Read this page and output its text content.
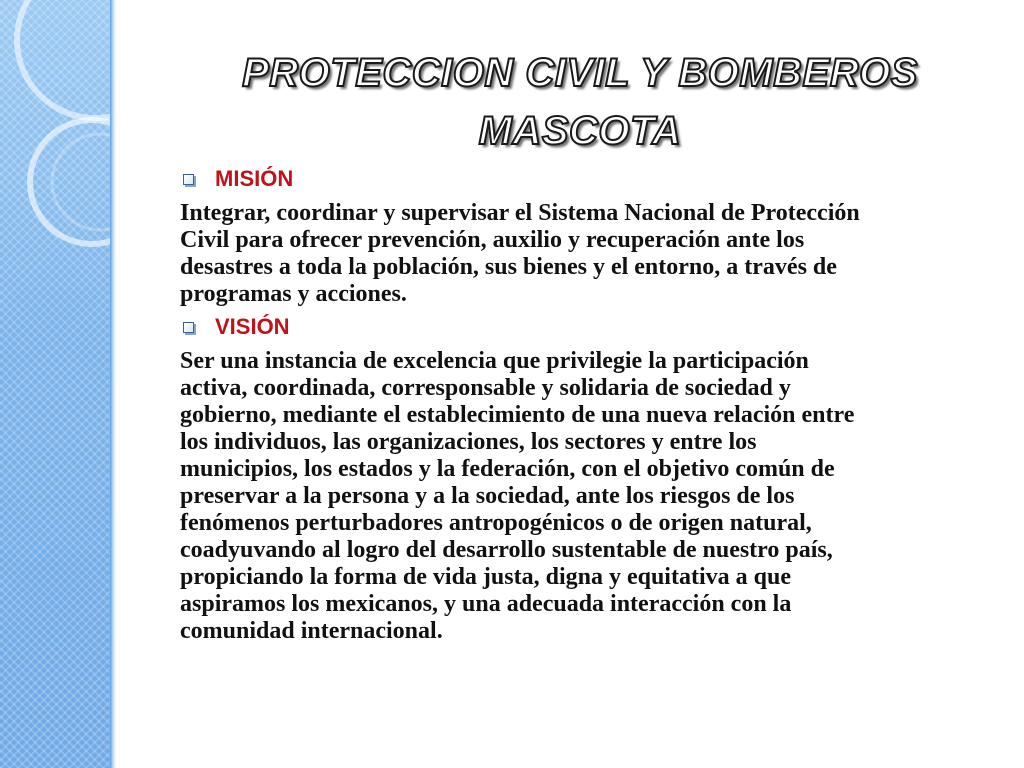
PROTECCION CIVIL Y BOMBEROS
MASCOTA
MISIÓN
Integrar, coordinar y supervisar el Sistema Nacional de Protección
Civil para ofrecer prevención, auxilio y recuperación ante los
desastres a toda la población, sus bienes y el entorno, a través de
programas y acciones.
VISIÓN
Ser una instancia de excelencia que privilegie la participación
activa, coordinada, corresponsable y solidaria de sociedad y
gobierno, mediante el establecimiento de una nueva relación entre
los individuos, las organizaciones, los sectores y entre los
municipios, los estados y la federación, con el objetivo común de
preservar a la persona y a la sociedad, ante los riesgos de los
fenómenos perturbadores antropogénicos o de origen natural,
coadyuvando al logro del desarrollo sustentable de nuestro país,
propiciando la forma de vida justa, digna y equitativa a que
aspiramos los mexicanos, y una adecuada interacción con la
comunidad internacional.
